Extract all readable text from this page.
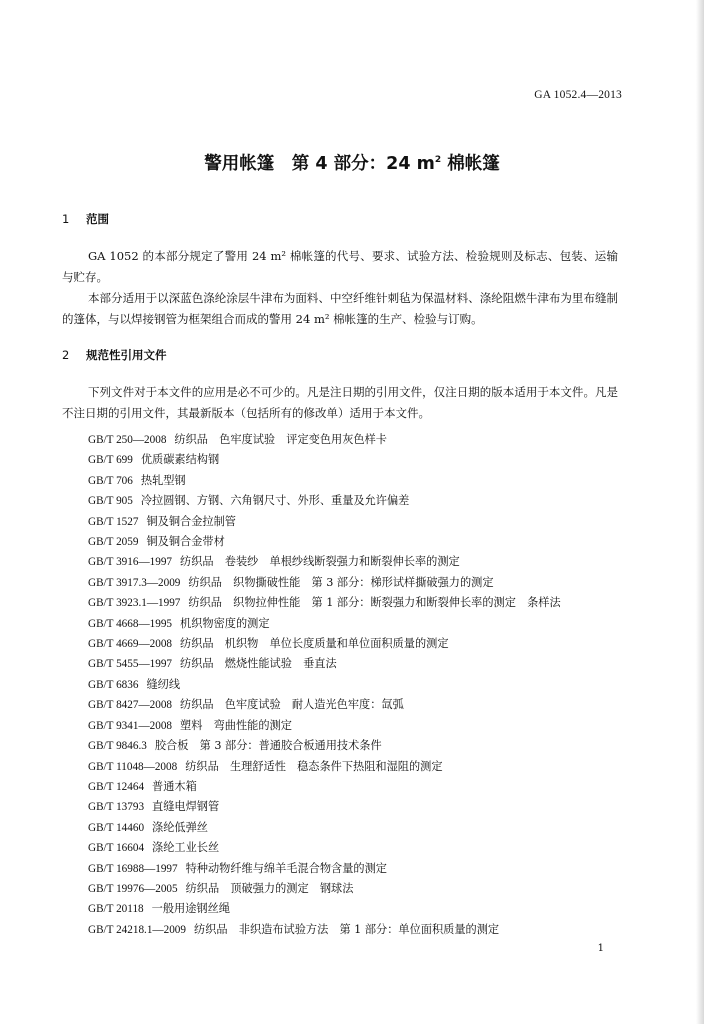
GA 1052.4—2013
警用帐篷　第 4 部分：24 $m^2$ 棉帐篷
1 范围
GA 1052 的本部分规定了警用 24 m² 棉帐篷的代号、要求、试验方法、检验规则及标志、包装、运输与贮存。
本部分适用于以深蓝色涤纶涂层牛津布为面料、中空纤维针刺毡为保温材料、涤纶阻燃牛津布为里布缝制的篷体，与以焊接钢管为框架组合而成的警用 24 m² 棉帐篷的生产、检验与订购。
2 规范性引用文件
下列文件对于本文件的应用是必不可少的。凡是注日期的引用文件，仅注日期的版本适用于本文件。凡是不注日期的引用文件，其最新版本（包括所有的修改单）适用于本文件。
GB/T 250—2008 纺织品　色牢度试验　评定变色用灰色样卡
GB/T 699 优质碳素结构钢
GB/T 706 热轧型钢
GB/T 905 冷拉圆钢、方钢、六角钢尺寸、外形、重量及允许偏差
GB/T 1527 铜及铜合金拉制管
GB/T 2059 铜及铜合金带材
GB/T 3916—1997 纺织品　卷装纱　单根纱线断裂强力和断裂伸长率的测定
GB/T 3917.3—2009 纺织品　织物撕破性能　第 3 部分：梯形试样撕破强力的测定
GB/T 3923.1—1997 纺织品　织物拉伸性能　第 1 部分：断裂强力和断裂伸长率的测定　条样法
GB/T 4668—1995 机织物密度的测定
GB/T 4669—2008 纺织品　机织物　单位长度质量和单位面积质量的测定
GB/T 5455—1997 纺织品　燃烧性能试验　垂直法
GB/T 6836 缝纫线
GB/T 8427—2008 纺织品　色牢度试验　耐人造光色牢度：氙弧
GB/T 9341—2008 塑料　弯曲性能的测定
GB/T 9846.3 胶合板　第 3 部分：普通胶合板通用技术条件
GB/T 11048—2008 纺织品　生理舒适性　稳态条件下热阻和湿阻的测定
GB/T 12464 普通木箱
GB/T 13793 直缝电焊钢管
GB/T 14460 涤纶低弹丝
GB/T 16604 涤纶工业长丝
GB/T 16988—1997 特种动物纤维与绵羊毛混合物含量的测定
GB/T 19976—2005 纺织品　顶破强力的测定　钢球法
GB/T 20118 一般用途钢丝绳
GB/T 24218.1—2009 纺织品　非织造布试验方法　第 1 部分：单位面积质量的测定
1
